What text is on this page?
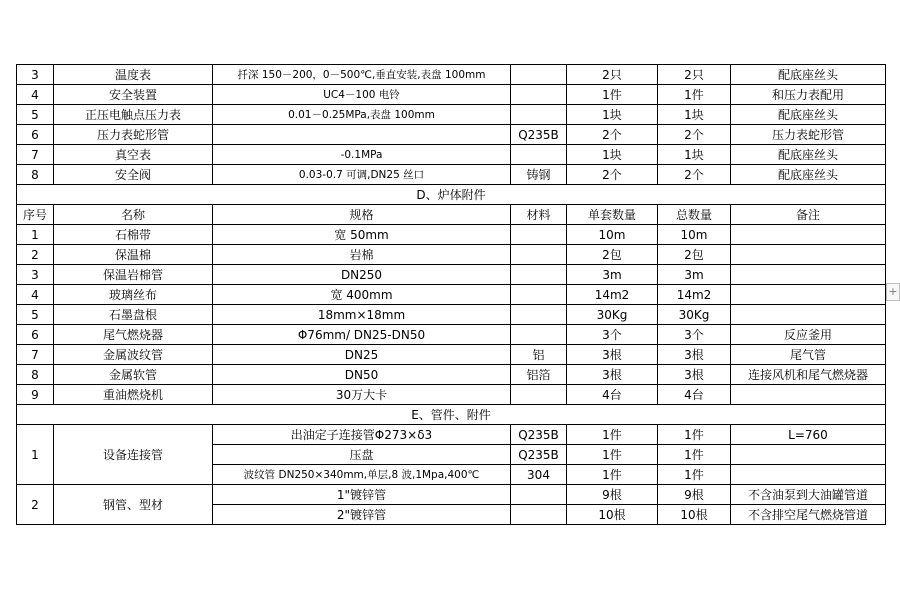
3	温度表	扦深 150－200，0－500℃,垂直安装,表盘 100mm		2只	2只	配底座丝头
4	安全装置	UC4－100 电铃		1件	1件	和压力表配用
5	正压电触点压力表	0.01－0.25MPa,表盘 100mm		1块	1块	配底座丝头
6	压力表蛇形管		Q235B	2个	2个	压力表蛇形管
7	真空表	-0.1MPa		1块	1块	配底座丝头
8	安全阀	0.03-0.7 可调,DN25 丝口	铸钢	2个	2个	配底座丝头
D、炉体附件						
序号	名称	规格	材料	单套数量	总数量	备注
1	石棉带	宽 50mm		10m	10m	
2	保温棉	岩棉		2包	2包	
3	保温岩棉管	DN250		3m	3m	
4	玻璃丝布	宽 400mm		14m2	14m2	
5	石墨盘根	18mm×18mm		30Kg	30Kg	
6	尾气燃烧器	Φ76mm/ DN25-DN50		3个	3个	反应釜用
7	金属波纹管	DN25	铝	3根	3根	尾气管
8	金属软管	DN50	铝箔	3根	3根	连接风机和尾气燃烧器
9	重油燃烧机	30万大卡		4台	4台	
E、管件、附件						
1	设备连接管	出油定子连接管Φ273×δ3	Q235B	1件	1件	L=760
		压盘	Q235B	1件	1件	
		波纹管 DN250×340mm,单层,8 波,1Mpa,400℃	304	1件	1件	
2	钢管、型材	1"镀锌管		9根	9根	不含油泵到大油罐管道
		2"镀锌管		10根	10根	不含排空尾气燃烧管道
+
